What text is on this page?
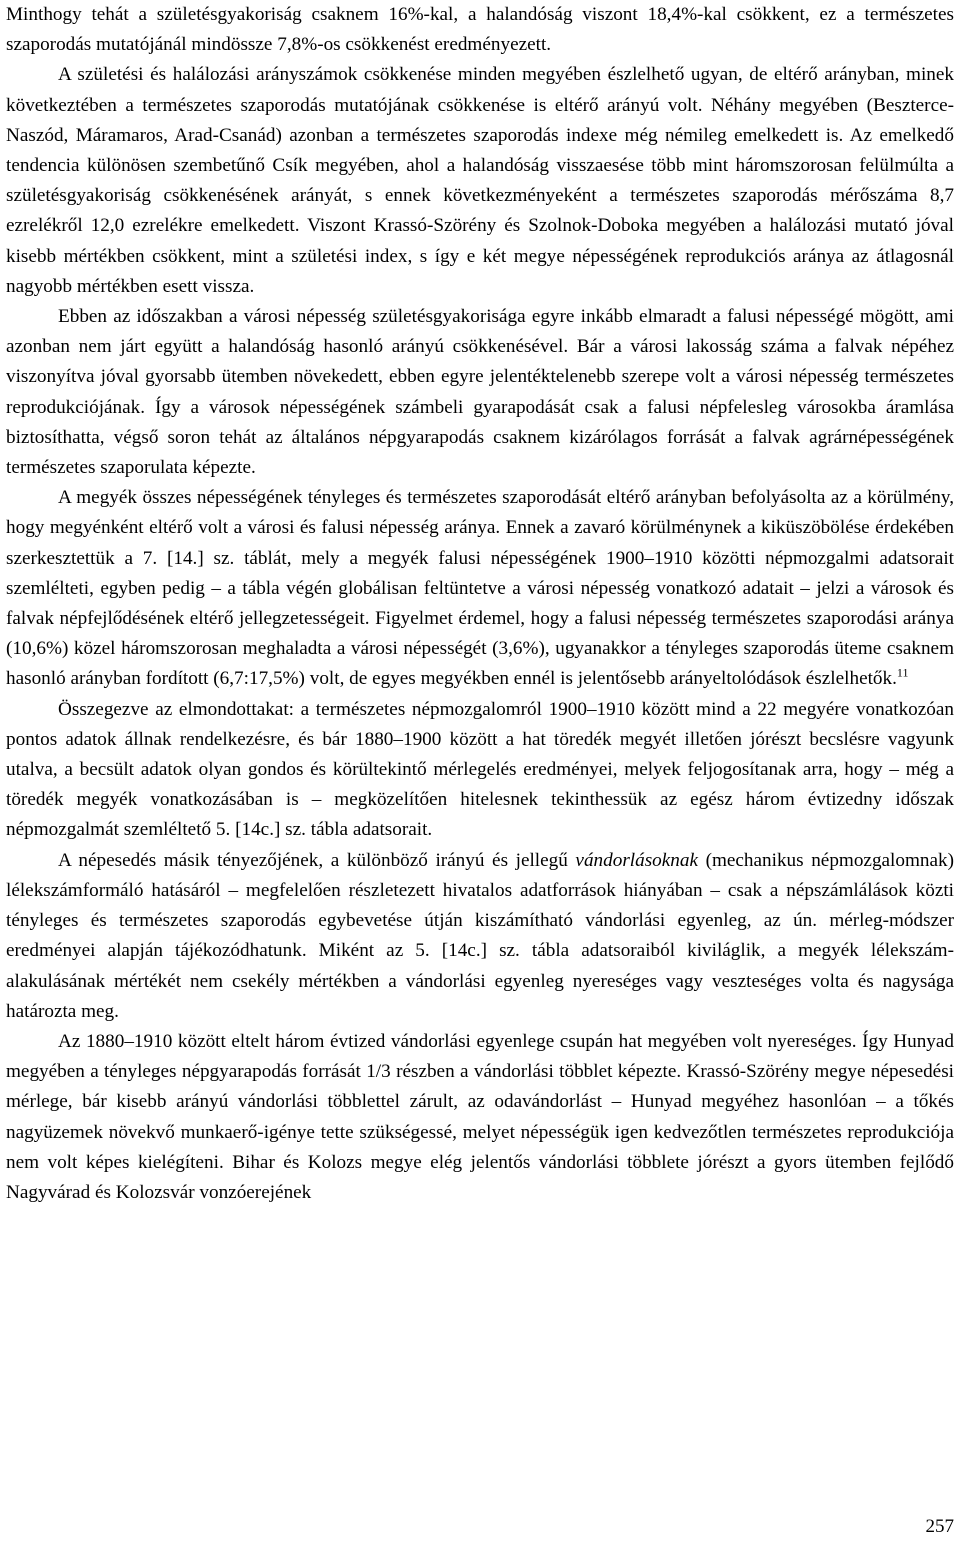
Minthogy tehát a születésgyakoriság csaknem 16%-kal, a halandóság viszont 18,4%-kal csökkent, ez a természetes szaporodás mutatójánál mindössze 7,8%-os csökkenést eredményezett.

A születési és halálozási arányszámok csökkenése minden megyében észlelhető ugyan, de eltérő arányban, minek következtében a természetes szaporodás mutatójának csökkenése is eltérő arányú volt. Néhány megyében (Beszterce-Naszód, Máramaros, Arad-Csanád) azonban a természetes szaporodás indexe még némileg emelkedett is. Az emelkedő tendencia különösen szembetűnő Csík megyében, ahol a halandóság visszaesése több mint háromszorosan felülmúlta a születésgyakoriság csökkenésének arányát, s ennek következményeként a természetes szaporodás mérőszáma 8,7 ezrelékről 12,0 ezrelékre emelkedett. Viszont Krassó-Szörény és Szolnok-Doboka megyében a halálozási mutató jóval kisebb mértékben csökkent, mint a születési index, s így e két megye népességének reprodukciós aránya az átlagosnál nagyobb mértékben esett vissza.

Ebben az időszakban a városi népesség születésgyakorisága egyre inkább elmaradt a falusi népességé mögött, ami azonban nem járt együtt a halandóság hasonló arányú csökkenésével. Bár a városi lakosság száma a falvak népéhez viszonyítva jóval gyorsabb ütemben növekedett, ebben egyre jelentéktelenebb szerepe volt a városi népesség természetes reprodukciójának. Így a városok népességének számbeli gyarapodását csak a falusi népfelesleg városokba áramlása biztosíthatta, végső soron tehát az általános népgyarapodás csaknem kizárólagos forrását a falvak agrárnépességének természetes szaporulata képezte.

A megyék összes népességének tényleges és természetes szaporodását eltérő arányban befolyásolta az a körülmény, hogy megyénként eltérő volt a városi és falusi népesség aránya. Ennek a zavaró körülménynek a kiküszöbölése érdekében szerkesztettük a 7. [14.] sz. táblát, mely a megyék falusi népességének 1900–1910 közötti népmozgalmi adatsorait szemlélteti, egyben pedig – a tábla végén globálisan feltüntetve a városi népesség vonatkozó adatait – jelzi a városok és falvak népfejlődésének eltérő jellegzetességeit. Figyelmet érdemel, hogy a falusi népesség természetes szaporodási aránya (10,6%) közel háromszorosan meghaladta a városi népességét (3,6%), ugyanakkor a tényleges szaporodás üteme csaknem hasonló arányban fordított (6,7:17,5%) volt, de egyes megyékben ennél is jelentősebb arányeltolódások észlelhetők.$^{11}$

Összegezve az elmondottakat: a természetes népmozgalomról 1900–1910 között mind a 22 megyére vonatkozóan pontos adatok állnak rendelkezésre, és bár 1880–1900 között a hat töredék megyét illetően jórészt becslésre vagyunk utalva, a becsült adatok olyan gondos és körültekintő mérlegelés eredményei, melyek feljogosítanak arra, hogy – még a töredék megyék vonatkozásában is – megközelítően hitelesnek tekinthessük az egész három évtizedny időszak népmozgalmát szemléltető 5. [14c.] sz. tábla adatsorait.

A népesedés másik tényezőjének, a különböző irányú és jellegű vándorlásoknak (mechanikus népmozgalomnak) lélekszámformáló hatásáról – megfelelően részletezett hivatalos adatforrások hiányában – csak a népszámlálások közti tényleges és természetes szaporodás egybevetése útján kiszámítható vándorlási egyenleg, az ún. mérleg-módszer eredményei alapján tájékozódhatunk. Miként az 5. [14c.] sz. tábla adatsoraiból kiviláglik, a megyék lélekszám-alakulásának mértékét nem csekély mértékben a vándorlási egyenleg nyereséges vagy veszteséges volta és nagysága határozta meg.

Az 1880–1910 között eltelt három évtized vándorlási egyenlege csupán hat megyében volt nyereséges. Így Hunyad megyében a tényleges népgyarapodás forrását 1/3 részben a vándorlási többlet képezte. Krassó-Szörény megye népesedési mérlege, bár kisebb arányú vándorlási többlettel zárult, az odavándorlást – Hunyad megyéhez hasonlóan – a tőkés nagyüzemek növekvő munkaerő-igénye tette szükségessé, melyet népességük igen kedvezőtlen természetes reprodukciója nem volt képes kielégíteni. Bihar és Kolozs megye elég jelentős vándorlási többlete jórészt a gyors ütemben fejlődő Nagyvárad és Kolozsvár vonzóerejének

257
